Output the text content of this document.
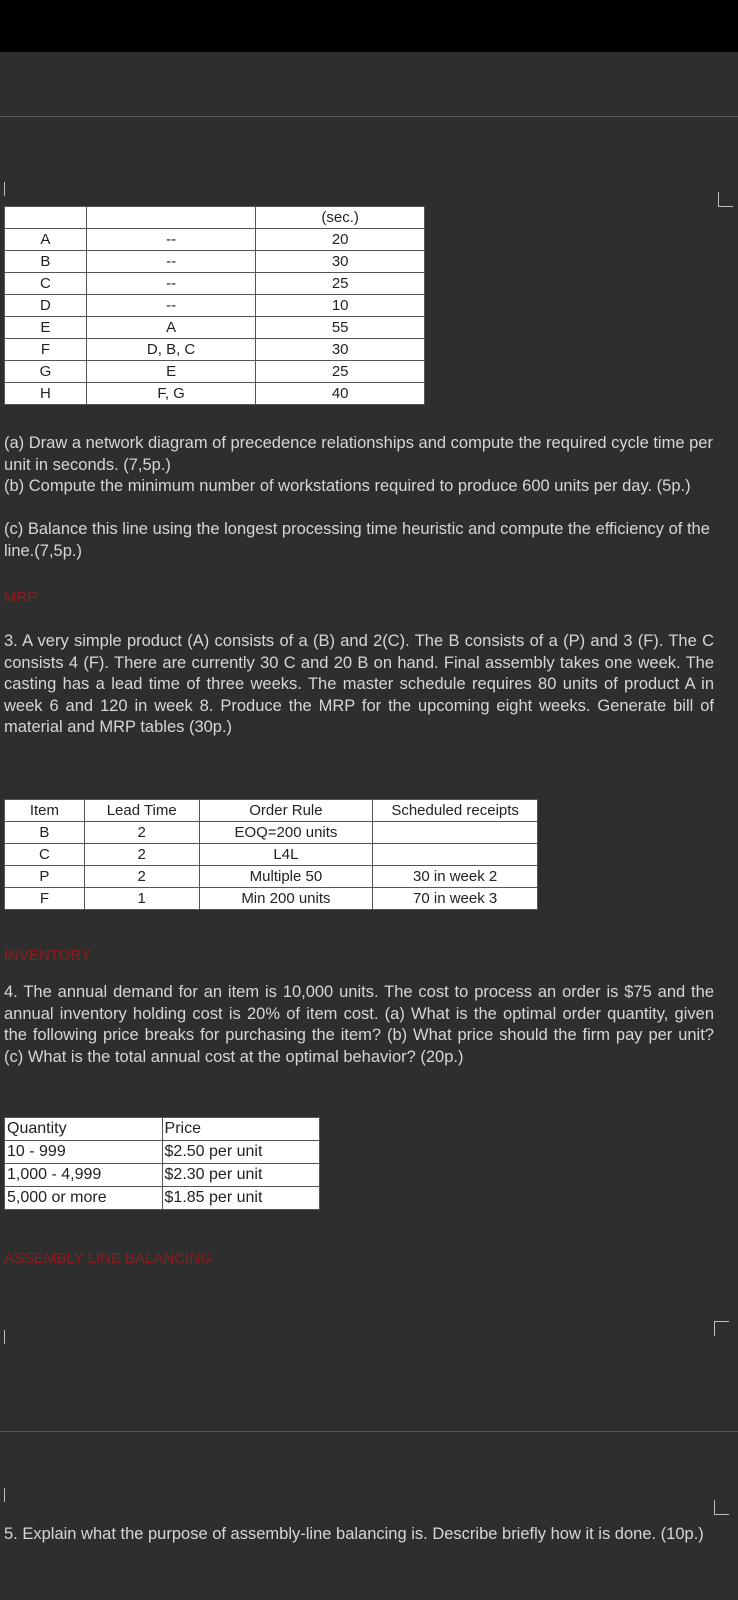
		(sec.)
A	--	20
B	--	30
C	--	25
D	--	10
E	A	55
F	D, B, C	30
G	E	25
H	F, G	40

(a) Draw a network diagram of precedence relationships and compute the required cycle time per unit in seconds. (7,5p.)

(b) Compute the minimum number of workstations required to produce 600 units per day. (5p.)

(c) Balance this line using the longest processing time heuristic and compute the efficiency of the line.(7,5p.)

MRP

3. A very simple product (A) consists of a (B) and 2(C). The B consists of a (P) and 3 (F). The C consists 4 (F). There are currently 30 C and 20 B on hand. Final assembly takes one week. The casting has a lead time of three weeks. The master schedule requires 80 units of product A in week 6 and 120 in week 8. Produce the MRP for the upcoming eight weeks. Generate bill of material and MRP tables (30p.)

Item	Lead Time	Order Rule	Scheduled receipts
B	2	EOQ=200 units	
C	2	L4L	
P	2	Multiple 50	30 in week 2
F	1	Min 200 units	70 in week 3
INVENTORY

4. The annual demand for an item is 10,000 units. The cost to process an order is $75 and the annual inventory holding cost is 20% of item cost. (a) What is the optimal order quantity, given the following price breaks for purchasing the item? (b) What price should the firm pay per unit? (c) What is the total annual cost at the optimal behavior? (20p.)

Quantity	Price
10 - 999	$2.50 per unit
1,000 - 4,999	$2.30 per unit
5,000 or more	$1.85 per unit
ASSEMBLY LINE BALANCING

5. Explain what the purpose of assembly-line balancing is. Describe briefly how it is done. (10p.)
